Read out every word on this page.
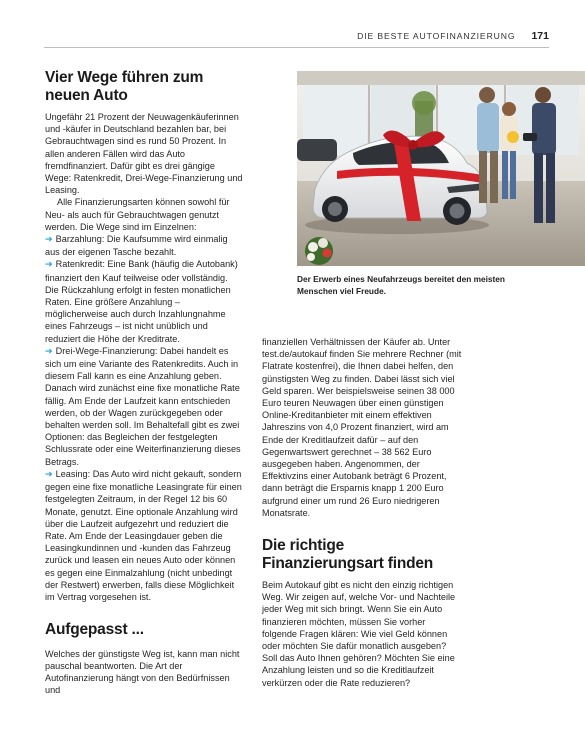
DIE BESTE AUTOFINANZIERUNG 171
Vier Wege führen zum neuen Auto

Ungefähr 21 Prozent der Neuwagenkäuferinnen und -käufer in Deutschland bezahlen bar, bei Gebrauchtwagen sind es rund 50 Prozent. In allen anderen Fällen wird das Auto fremdfinanziert. Dafür gibt es drei gängige Wege: Ratenkredit, Drei-Wege-Finanzierung und Leasing.

Alle Finanzierungsarten können sowohl für Neu- als auch für Gebrauchtwagen genutzt werden. Die Wege sind im Einzelnen:

➔ Barzahlung: Die Kaufsumme wird einmalig aus der eigenen Tasche bezahlt.
➔ Ratenkredit: Eine Bank (häufig die Autobank) finanziert den Kauf teilweise oder vollständig. Die Rückzahlung erfolgt in festen monatlichen Raten. Eine größere Anzahlung – möglicherweise auch durch Inzahlungnahme eines Fahrzeugs – ist nicht unüblich und reduziert die Höhe der Kreditrate.
➔ Drei-Wege-Finanzierung: Dabei handelt es sich um eine Variante des Ratenkredits. Auch in diesem Fall kann es eine Anzahlung geben. Danach wird zunächst eine fixe monatliche Rate fällig. Am Ende der Laufzeit kann entschieden werden, ob der Wagen zurückgegeben oder behalten werden soll. Im Behaltefall gibt es zwei Optionen: das Begleichen der festgelegten Schlussrate oder eine Weiterfinanzierung dieses Betrags.
➔ Leasing: Das Auto wird nicht gekauft, sondern gegen eine fixe monatliche Leasingrate für einen festgelegten Zeitraum, in der Regel 12 bis 60 Monate, genutzt. Eine optionale Anzahlung wird über die Laufzeit aufgezehrt und reduziert die Rate. Am Ende der Leasingdauer geben die Leasingkundinnen und -kunden das Fahrzeug zurück und leasen ein neues Auto oder können es gegen eine Einmalzahlung (nicht unbedingt der Restwert) erwerben, falls diese Möglichkeit im Vertrag vorgesehen ist.
Aufgepasst ...

Welches der günstigste Weg ist, kann man nicht pauschal beantworten. Die Art der Autofinanzierung hängt von den Bedürfnissen und

Der Erwerb eines Neufahrzeugs bereitet den meisten Menschen viel Freude.

finanziellen Verhältnissen der Käufer ab. Unter test.de/autokauf finden Sie mehrere Rechner (mit Flatrate kostenfrei), die Ihnen dabei helfen, den günstigsten Weg zu finden. Dabei lässt sich viel Geld sparen. Wer beispielsweise seinen 38 000 Euro teuren Neuwagen über einen günstigen Online-Kreditanbieter mit einem effektiven Jahreszins von 4,0 Prozent finanziert, wird am Ende der Kreditlaufzeit dafür – auf den Gegenwartswert gerechnet – 38 562 Euro ausgegeben haben. Angenommen, der Effektivzins einer Autobank beträgt 6 Prozent, dann beträgt die Ersparnis knapp 1 200 Euro aufgrund einer um rund 26 Euro niedrigeren Monatsrate.

Die richtige Finanzierungsart finden

Beim Autokauf gibt es nicht den einzig richtigen Weg. Wir zeigen auf, welche Vor- und Nachteile jeder Weg mit sich bringt. Wenn Sie ein Auto finanzieren möchten, müssen Sie vorher folgende Fragen klären: Wie viel Geld können oder möchten Sie dafür monatlich ausgeben? Soll das Auto Ihnen gehören? Möchten Sie eine Anzahlung leisten und so die Kreditlaufzeit verkürzen oder die Rate reduzieren?
